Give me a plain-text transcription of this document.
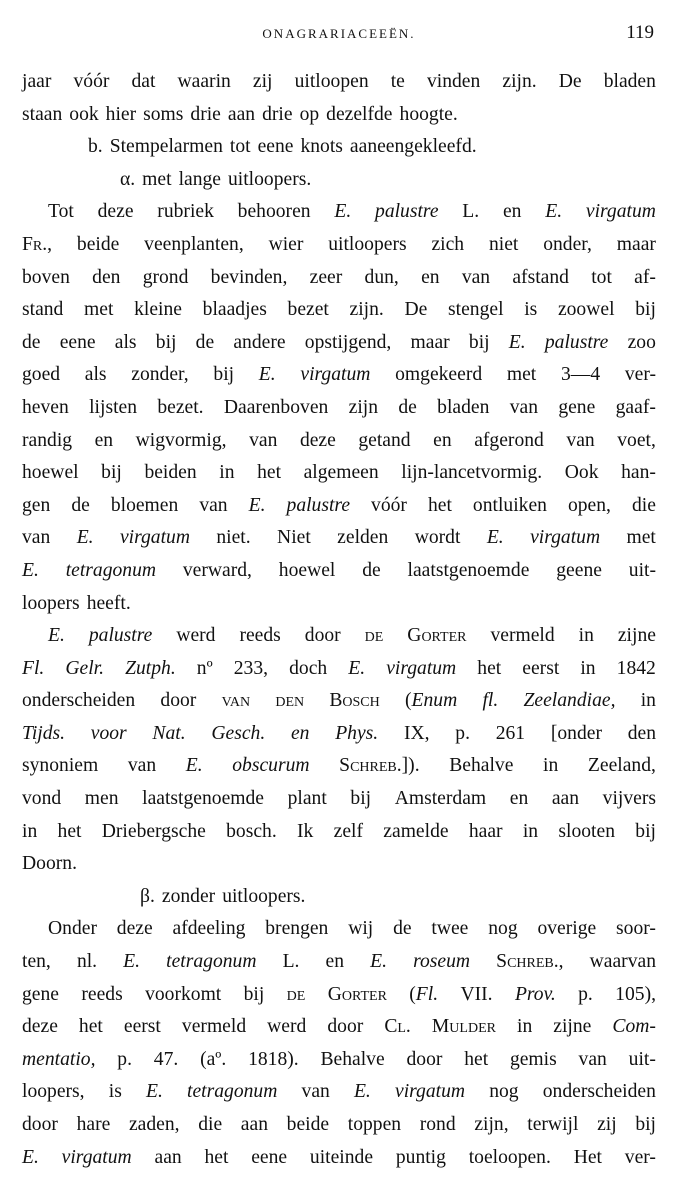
ONAGRARIACEEËN.	119
jaar vóór dat waarin zij uitloopen te vinden zijn. De bladen
staan ook hier soms drie aan drie op dezelfde hoogte.
b. Stempelarmen tot eene knots aaneengekleefd.
α. met lange uitloopers.
Tot deze rubriek behooren E. palustre L. en E. virgatum
Fr., beide veenplanten, wier uitloopers zich niet onder, maar
boven den grond bevinden, zeer dun, en van afstand tot af-
stand met kleine blaadjes bezet zijn. De stengel is zoowel bij
de eene als bij de andere opstijgend, maar bij E. palustre zoo
goed als zonder, bij E. virgatum omgekeerd met 3—4 ver-
heven lijsten bezet. Daarenboven zijn de bladen van gene gaaf-
randig en wigvormig, van deze getand en afgerond van voet,
hoewel bij beiden in het algemeen lijn-lancetvormig. Ook han-
gen de bloemen van E. palustre vóór het ontluiken open, die
van E. virgatum niet. Niet zelden wordt E. virgatum met
E. tetragonum verward, hoewel de laatstgenoemde geene uit-
loopers heeft.
E. palustre werd reeds door de Gorter vermeld in zijne
Fl. Gelr. Zutph. nº 233, doch E. virgatum het eerst in 1842
onderscheiden door van den Bosch (Enum fl. Zeelandiae, in
Tijds. voor Nat. Gesch. en Phys. IX, p. 261 [onder den
synoniem van E. obscurum Schreb.]). Behalve in Zeeland,
vond men laatstgenoemde plant bij Amsterdam en aan vijvers
in het Driebergsche bosch. Ik zelf zamelde haar in slooten bij
Doorn.
β. zonder uitloopers.
Onder deze afdeeling brengen wij de twee nog overige soor-
ten, nl. E. tetragonum L. en E. roseum Schreb., waarvan
gene reeds voorkomt bij de Gorter (Fl. VII. Prov. p. 105),
deze het eerst vermeld werd door Cl. Mulder in zijne Com-
mentatio, p. 47. (aº. 1818). Behalve door het gemis van uit-
loopers, is E. tetragonum van E. virgatum nog onderscheiden
door hare zaden, die aan beide toppen rond zijn, terwijl zij bij
E. virgatum aan het eene uiteinde puntig toeloopen. Het ver-
